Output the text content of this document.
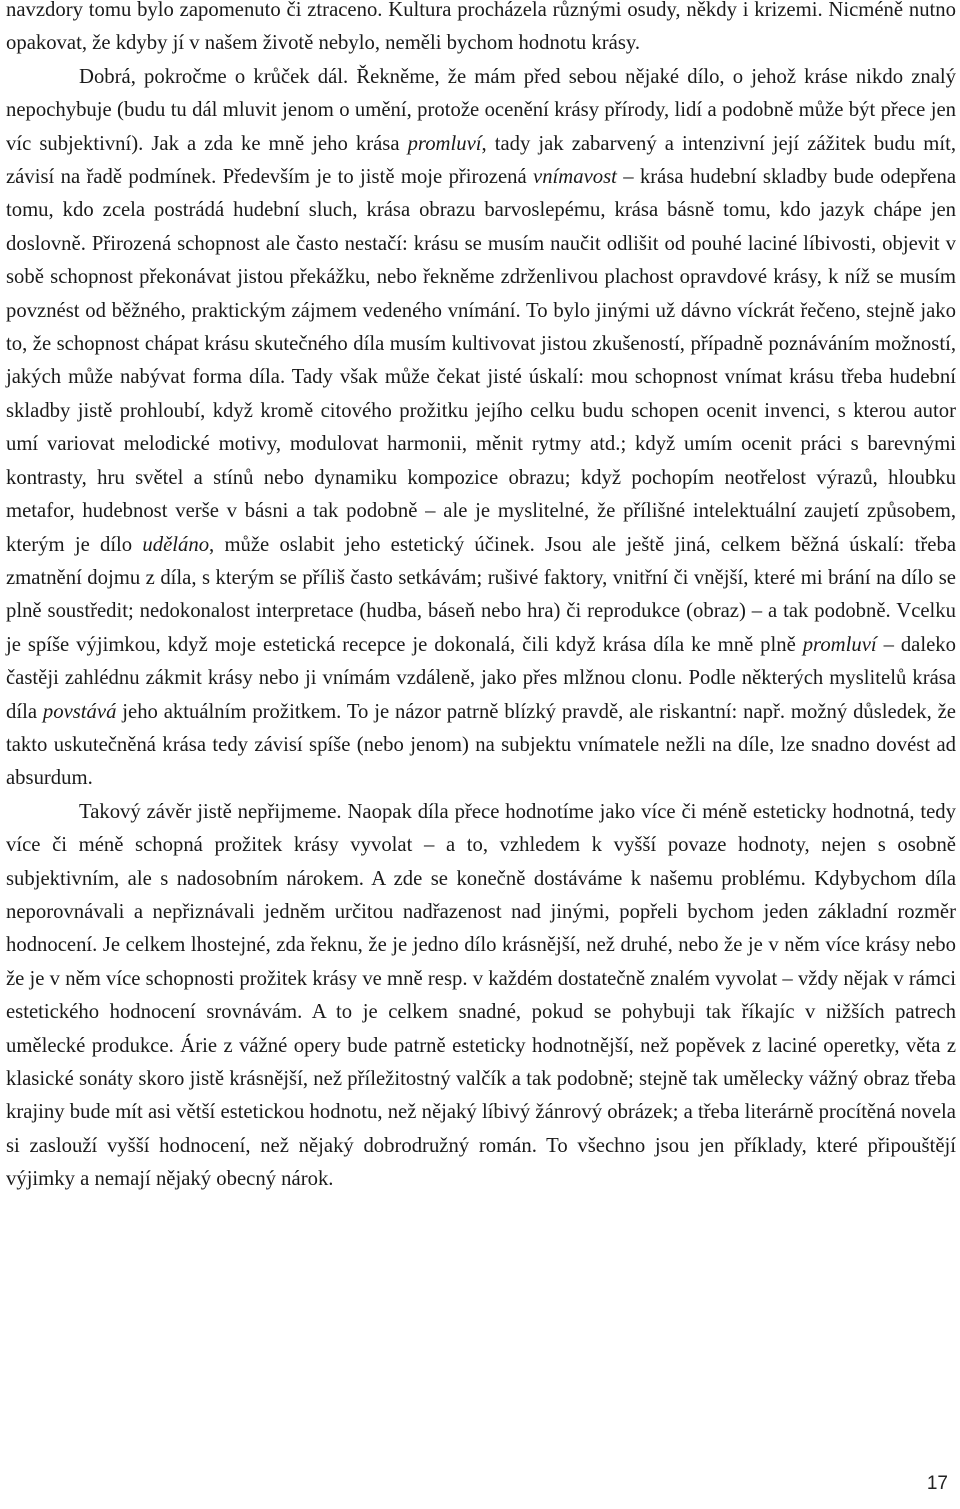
navzdory tomu bylo zapomenuto či ztraceno. Kultura procházela různými osudy, někdy i krizemi. Nicméně nutno opakovat, že kdyby jí v našem životě nebylo, neměli bychom hodnotu krásy.

Dobrá, pokročme o krůček dál. Řekněme, že mám před sebou nějaké dílo, o jehož kráse nikdo znalý nepochybuje (budu tu dál mluvit jenom o umění, protože ocenění krásy přírody, lidí a podobně může být přece jen víc subjektivní). Jak a zda ke mně jeho krása promluví, tady jak zabarvený a intenzivní její zážitek budu mít, závisí na řadě podmínek. Především je to jistě moje přirozená vnímavost – krása hudební skladby bude odepřena tomu, kdo zcela postrádá hudební sluch, krása obrazu barvoslepému, krása básně tomu, kdo jazyk chápe jen doslovně. Přirozená schopnost ale často nestačí: krásu se musím naučit odlišit od pouhé laciné líbivosti, objevit v sobě schopnost překonávat jistou překážku, nebo řekněme zdrženlivou plachost opravdové krásy, k níž se musím povznést od běžného, praktickým zájmem vedeného vnímání. To bylo jinými už dávno víckrát řečeno, stejně jako to, že schopnost chápat krásu skutečného díla musím kultivovat jistou zkušeností, případně poznáváním možností, jakých může nabývat forma díla. Tady však může čekat jisté úskalí: mou schopnost vnímat krásu třeba hudební skladby jistě prohloubí, když kromě citového prožitku jejího celku budu schopen ocenit invenci, s kterou autor umí variovat melodické motivy, modulovat harmonii, měnit rytmy atd.; když umím ocenit práci s barevnými kontrasty, hru světel a stínů nebo dynamiku kompozice obrazu; když pochopím neotřelost výrazů, hloubku metafor, hudebnost verše v básni a tak podobně – ale je myslitelné, že přílišné intelektuální zaujetí způsobem, kterým je dílo uděláno, může oslabit jeho estetický účinek. Jsou ale ještě jiná, celkem běžná úskalí: třeba zmatnění dojmu z díla, s kterým se příliš často setkávám; rušivé faktory, vnitřní či vnější, které mi brání na dílo se plně soustředit; nedokonalost interpretace (hudba, báseň nebo hra) či reprodukce (obraz) – a tak podobně. Vcelku je spíše výjimkou, když moje estetická recepce je dokonalá, čili když krása díla ke mně plně promluví – daleko častěji zahlédnu zákmit krásy nebo ji vnímám vzdáleně, jako přes mlžnou clonu. Podle některých myslitelů krása díla povstává jeho aktuálním prožitkem. To je názor patrně blízký pravdě, ale riskantní: např. možný důsledek, že takto uskutečněná krása tedy závisí spíše (nebo jenom) na subjektu vnímatele nežli na díle, lze snadno dovést ad absurdum.

Takový závěr jistě nepřijmeme. Naopak díla přece hodnotíme jako více či méně esteticky hodnotná, tedy více či méně schopná prožitek krásy vyvolat – a to, vzhledem k vyšší povaze hodnoty, nejen s osobně subjektivním, ale s nadosobním nárokem. A zde se konečně dostáváme k našemu problému. Kdybychom díla neporovnávali a nepřiznávali jedněm určitou nadřazenost nad jinými, popřeli bychom jeden základní rozměr hodnocení. Je celkem lhostejné, zda řeknu, že je jedno dílo krásnější, než druhé, nebo že je v něm více krásy nebo že je v něm více schopnosti prožitek krásy ve mně resp. v každém dostatečně znalém vyvolat – vždy nějak v rámci estetického hodnocení srovnávám. A to je celkem snadné, pokud se pohybuji tak říkajíc v nižších patrech umělecké produkce. Árie z vážné opery bude patrně esteticky hodnotnější, než popěvek z laciné operetky, věta z klasické sonáty skoro jistě krásnější, než příležitostný valčík a tak podobně; stejně tak umělecky vážný obraz třeba krajiny bude mít asi větší estetickou hodnotu, než nějaký líbivý žánrový obrázek; a třeba literárně procítěná novela si zaslouží vyšší hodnocení, než nějaký dobrodružný román. To všechno jsou jen příklady, které připouštějí výjimky a nemají nějaký obecný nárok.

17
